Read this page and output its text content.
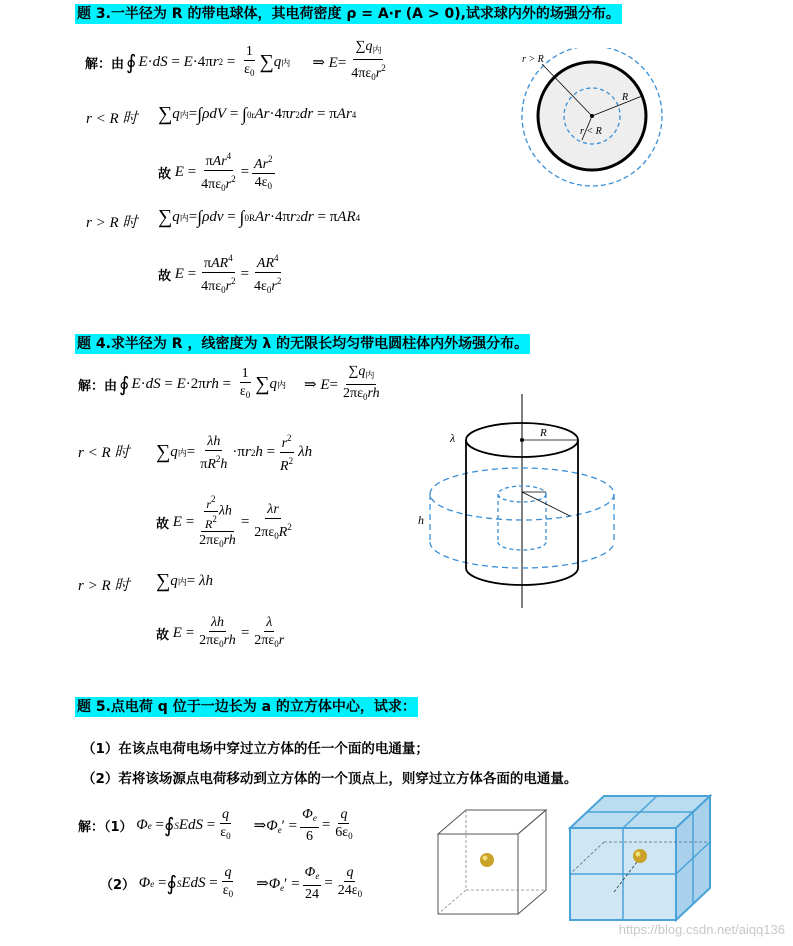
题 3.一半径为 R 的带电球体，其电荷密度 ρ = A·r (A > 0),试求球内外的场强分布。
解：由 ∮ E · dS = E ·4π r $2 = \frac{1}{\varepsilon_0}$ ∑ q 内 ⇒ $E= \frac{\sum q_内}{4\pi\varepsilon_0r^2}$
r < R 时 ∑ q 内 = ∫ ρdV = ∫ 0 r Ar ·4π r 2 dr = π Ar 4
故
$E = \frac{\pi Ar^4}{4\pi\varepsilon_0r^2} = \frac{Ar^2}{4\varepsilon_0}$
r > R 时 ∑ q 内 = ∫ ρdv = ∫ 0 R Ar ·4π r 2 dr = π AR 4
故
$E = \frac{\pi AR^4}{4\pi\varepsilon_0r^2} = \frac{AR^4}{4\varepsilon_0r^2}$
r > R
R
r < R
题 4.求半径为 R ，线密度为 λ 的无限长均匀带电圆柱体内外场强分布。
解：由 ∮ E · dS = E ·2π rh = $\frac{1}{\varepsilon_0}$ ∑ q 内 ⇒ $E= \frac{\sum q_内}{2\pi\varepsilon_0rh}$
r < R 时 ∑ q 内 = $\frac{\lambda h}{\pi R^2h} \cdot\pi$ r 2 $h = \frac{r^2}{R^2}$ λh
故
$E = \frac{\frac{r^2}{R^2} \lambda h}{2\pi\varepsilon_0rh} = \frac{\lambda r}{2\pi\varepsilon_0R^2}$
r > R 时 ∑ q 内 = λh
故
$E = \frac{\lambda h}{2\pi\varepsilon_0rh} = \frac{\lambda}{2\pi\varepsilon_0r}$
λ	R
h
题 5.点电荷 q 位于一边长为 a 的立方体中心，试求：
（1）在该点电荷电场中穿过立方体的任一个面的电通量；
（2）若将该场源点电荷移动到立方体的一个顶点上，则穿过立方体各面的电通量。
解：（1）
Φ e = ∮ S EdS = $\frac{q}{\varepsilon_0}$ $\Rightarrow\Phi_e' = \frac{\Phi_e}{6} = \frac{q}{6\varepsilon_0}$
（2）
Φ e = ∮ S EdS = $\frac{q}{\varepsilon_0}$ $\Rightarrow\Phi_e' = \frac{\Phi_e}{24} = \frac{q}{24\varepsilon_0}$
https://blog.csdn.net/aiqq136
